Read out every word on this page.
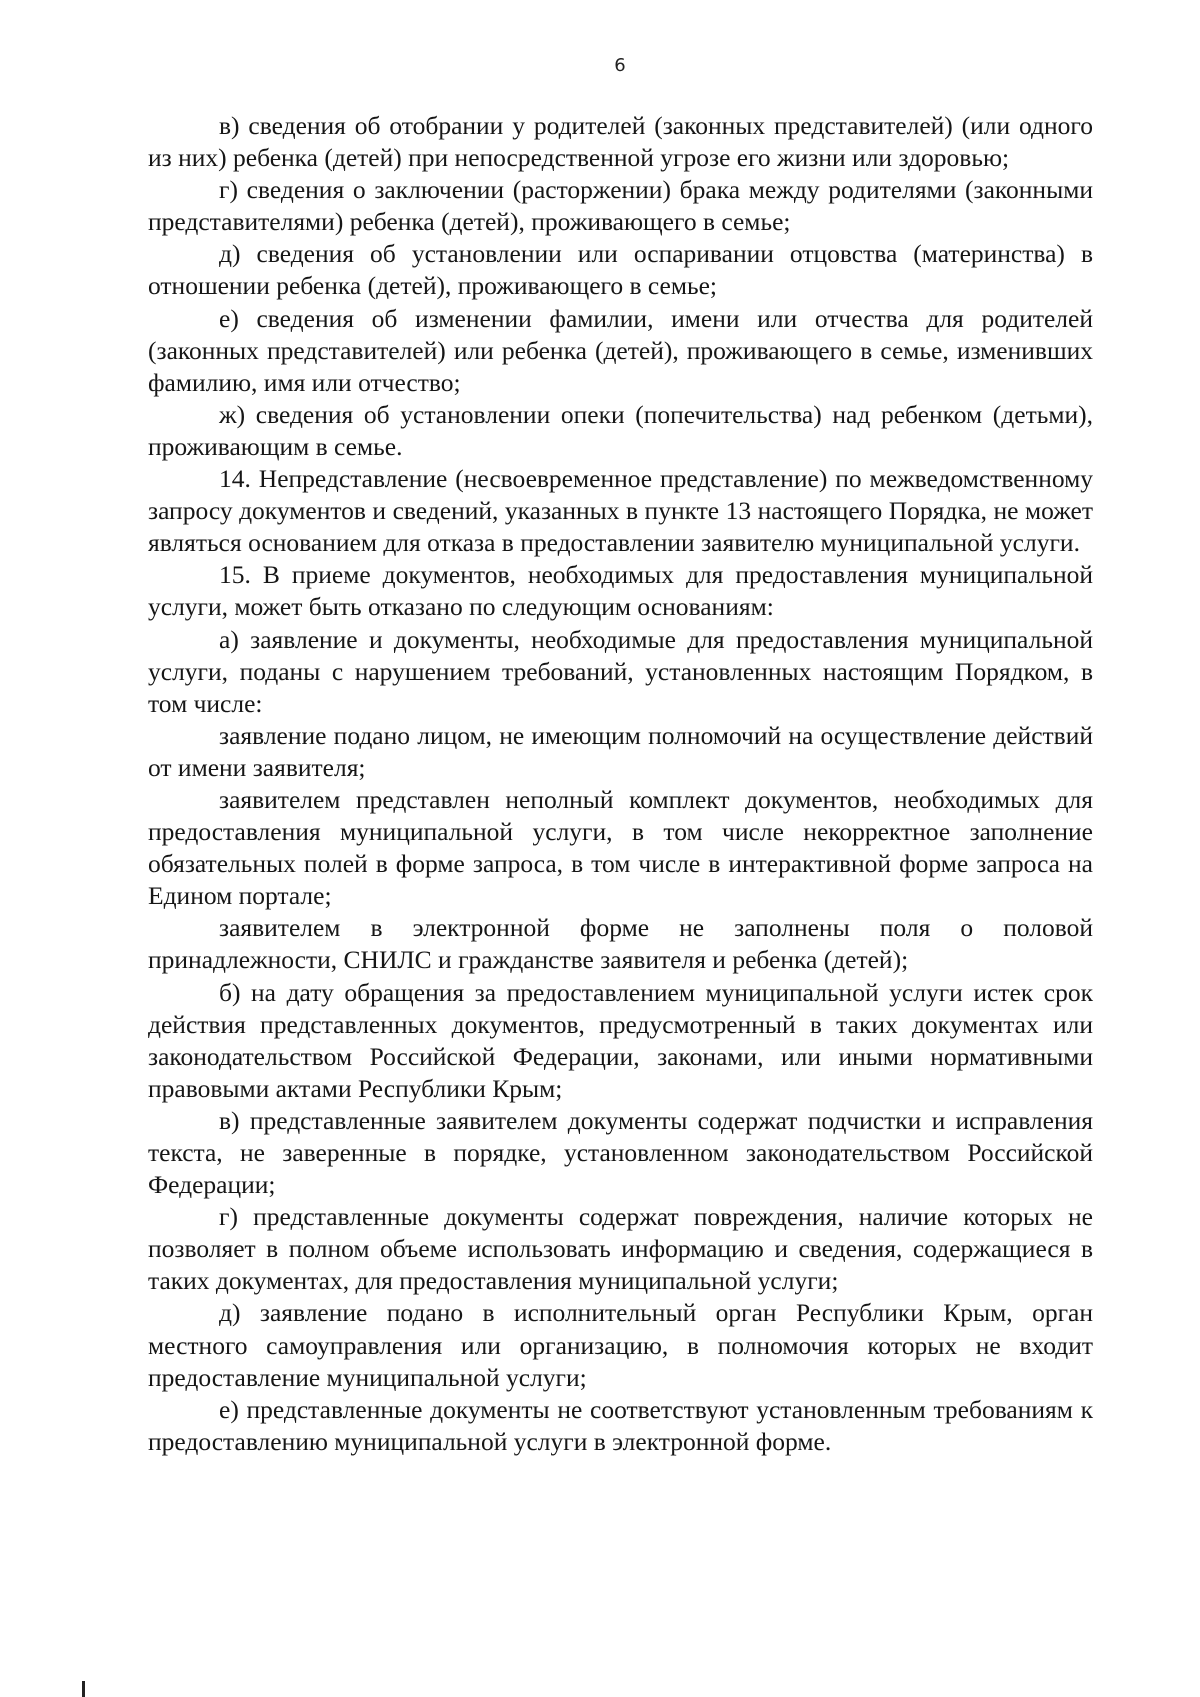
6

в) сведения об отобрании у родителей (законных представителей) (или одного из них) ребенка (детей) при непосредственной угрозе его жизни или здоровью;

г) сведения о заключении (расторжении) брака между родителями (законными представителями) ребенка (детей), проживающего в семье;

д) сведения об установлении или оспаривании отцовства (материнства) в отношении ребенка (детей), проживающего в семье;

е) сведения об изменении фамилии, имени или отчества для родителей (законных представителей) или ребенка (детей), проживающего в семье, изменивших фамилию, имя или отчество;

ж) сведения об установлении опеки (попечительства) над ребенком (детьми), проживающим в семье.

14. Непредставление (несвоевременное представление) по межведомственному запросу документов и сведений, указанных в пункте 13 настоящего Порядка, не может являться основанием для отказа в предоставлении заявителю муниципальной услуги.

15. В приеме документов, необходимых для предоставления муниципальной услуги, может быть отказано по следующим основаниям:

а) заявление и документы, необходимые для предоставления муниципальной услуги, поданы с нарушением требований, установленных настоящим Порядком, в том числе:

заявление подано лицом, не имеющим полномочий на осуществление действий от имени заявителя;

заявителем представлен неполный комплект документов, необходимых для предоставления муниципальной услуги, в том числе некорректное заполнение обязательных полей в форме запроса, в том числе в интерактивной форме запроса на Едином портале;

заявителем в электронной форме не заполнены поля о половой принадлежности, СНИЛС и гражданстве заявителя и ребенка (детей);

б) на дату обращения за предоставлением муниципальной услуги истек срок действия представленных документов, предусмотренный в таких документах или законодательством Российской Федерации, законами, или иными нормативными правовыми актами Республики Крым;

в) представленные заявителем документы содержат подчистки и исправления текста, не заверенные в порядке, установленном законодательством Российской Федерации;

г) представленные документы содержат повреждения, наличие которых не позволяет в полном объеме использовать информацию и сведения, содержащиеся в таких документах, для предоставления муниципальной услуги;

д) заявление подано в исполнительный орган Республики Крым, орган местного самоуправления или организацию, в полномочия которых не входит предоставление муниципальной услуги;

е) представленные документы не соответствуют установленным требованиям к предоставлению муниципальной услуги в электронной форме.
